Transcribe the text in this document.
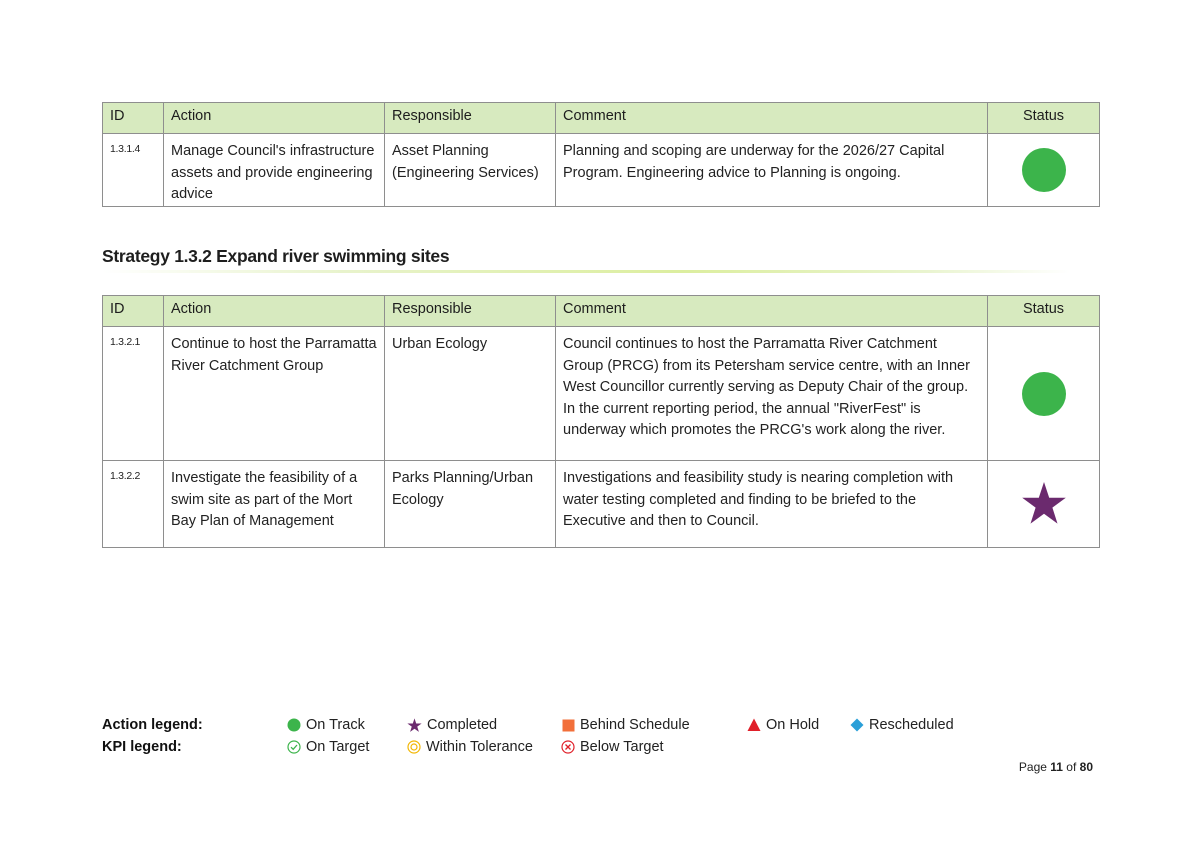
ID	Action	Responsible	Comment	Status
1.3.1.4	Manage Council's infrastructure assets and provide engineering advice	Asset Planning (Engineering Services)	Planning and scoping are underway for the 2026/27 Capital Program. Engineering advice to Planning is ongoing.	
Strategy 1.3.2 Expand river swimming sites
ID	Action	Responsible	Comment	Status
1.3.2.1	Continue to host the Parramatta River Catchment Group	Urban Ecology	Council continues to host the Parramatta River Catchment Group (PRCG) from its Petersham service centre, with an Inner West Councillor currently serving as Deputy Chair of the group. In the current reporting period, the annual "RiverFest" is underway which promotes the PRCG's work along the river.	
1.3.2.2	Investigate the feasibility of a swim site as part of the Mort Bay Plan of Management	Parks Planning/Urban Ecology	Investigations and feasibility study is nearing completion with water testing completed and finding to be briefed to the Executive and then to Council.	
Action legend:	On Track	Completed	Behind Schedule	On Hold	Rescheduled
KPI legend:	On Target	Within Tolerance	Below Target
Page 11 of 80
